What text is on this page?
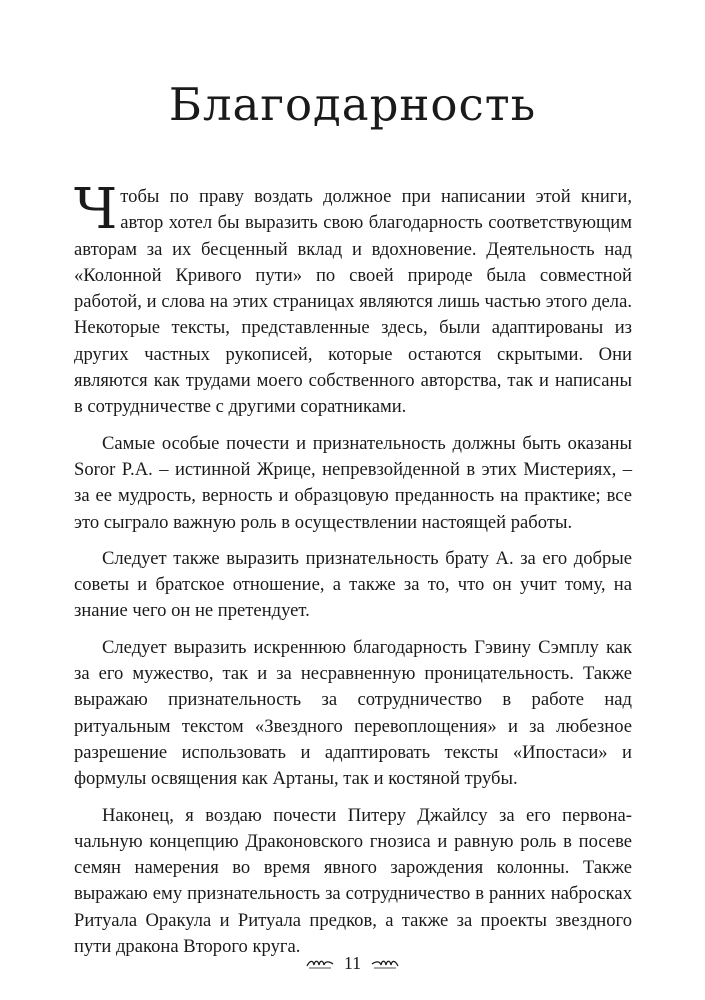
Благодарность

Чтобы по праву воздать должное при написании этой книги, автор хотел бы выразить свою благодарность соответствующим авторам за их бесценный вклад и вдохновение. Деятельность над «Колонной Кривого пути» по своей природе была совместной работой, и слова на этих страницах являются лишь частью этого дела. Некоторые тексты, представленные здесь, были адаптированы из других частных рукописей, которые остаются скрытыми. Они являются как трудами моего собственного авторства, так и написаны в сотрудничестве с другими соратниками.

Самые особые почести и признательность должны быть оказаны Soror P.A. – истинной Жрице, непревзойденной в этих Мистериях, – за ее мудрость, верность и образцовую преданность на практике; все это сыграло важную роль в осуществлении настоящей работы.

Следует также выразить признательность брату А. за его добрые советы и братское отношение, а также за то, что он учит тому, на знание чего он не претендует.

Следует выразить искреннюю благодарность Гэвину Сэмплу как за его мужество, так и за несравненную проницательность. Также выражаю признательность за сотрудничество в работе над ритуальным текстом «Звездного перевоплощения» и за любезное разрешение использовать и адаптировать тексты «Ипостаси» и формулы освящения как Артаны, так и костяной трубы.

Наконец, я воздаю почести Питеру Джайлсу за его первоначальную концепцию Драконовского гнозиса и равную роль в посеве семян намерения во время явного зарождения колонны. Также выражаю ему признательность за сотрудничество в ранних набросках Ритуала Оракула и Ритуала предков, а также за проекты звездного пути дракона Второго круга.

11
